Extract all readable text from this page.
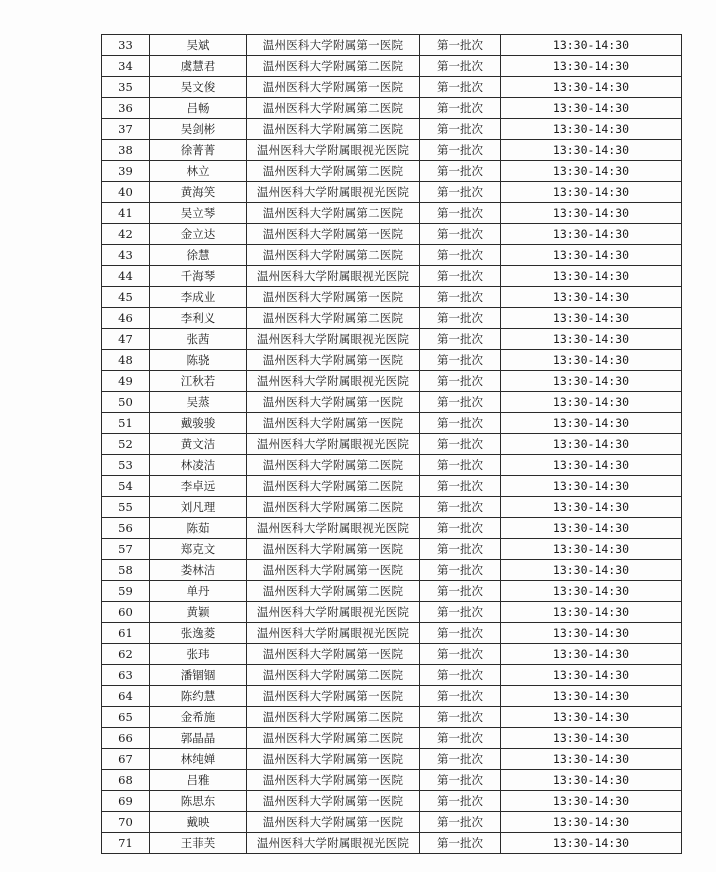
33	吴斌	温州医科大学附属第一医院	第一批次	13:30-14:30
34	虞慧君	温州医科大学附属第二医院	第一批次	13:30-14:30
35	吴文俊	温州医科大学附属第一医院	第一批次	13:30-14:30
36	吕畅	温州医科大学附属第二医院	第一批次	13:30-14:30
37	吴剑彬	温州医科大学附属第二医院	第一批次	13:30-14:30
38	徐菁菁	温州医科大学附属眼视光医院	第一批次	13:30-14:30
39	林立	温州医科大学附属第二医院	第一批次	13:30-14:30
40	黄海笑	温州医科大学附属眼视光医院	第一批次	13:30-14:30
41	吴立琴	温州医科大学附属第二医院	第一批次	13:30-14:30
42	金立达	温州医科大学附属第一医院	第一批次	13:30-14:30
43	徐慧	温州医科大学附属第二医院	第一批次	13:30-14:30
44	千海琴	温州医科大学附属眼视光医院	第一批次	13:30-14:30
45	李成业	温州医科大学附属第一医院	第一批次	13:30-14:30
46	李利义	温州医科大学附属第二医院	第一批次	13:30-14:30
47	张茜	温州医科大学附属眼视光医院	第一批次	13:30-14:30
48	陈骁	温州医科大学附属第一医院	第一批次	13:30-14:30
49	江秋若	温州医科大学附属眼视光医院	第一批次	13:30-14:30
50	吴蒸	温州医科大学附属第一医院	第一批次	13:30-14:30
51	戴骏骏	温州医科大学附属第一医院	第一批次	13:30-14:30
52	黄文洁	温州医科大学附属眼视光医院	第一批次	13:30-14:30
53	林凌洁	温州医科大学附属第二医院	第一批次	13:30-14:30
54	李卓远	温州医科大学附属第二医院	第一批次	13:30-14:30
55	刘凡理	温州医科大学附属第二医院	第一批次	13:30-14:30
56	陈茹	温州医科大学附属眼视光医院	第一批次	13:30-14:30
57	郑克文	温州医科大学附属第一医院	第一批次	13:30-14:30
58	娄林洁	温州医科大学附属第一医院	第一批次	13:30-14:30
59	单丹	温州医科大学附属第二医院	第一批次	13:30-14:30
60	黄颖	温州医科大学附属眼视光医院	第一批次	13:30-14:30
61	张逸菱	温州医科大学附属眼视光医院	第一批次	13:30-14:30
62	张玮	温州医科大学附属第一医院	第一批次	13:30-14:30
63	潘锢锢	温州医科大学附属第二医院	第一批次	13:30-14:30
64	陈约慧	温州医科大学附属第一医院	第一批次	13:30-14:30
65	金希施	温州医科大学附属第二医院	第一批次	13:30-14:30
66	郭晶晶	温州医科大学附属第二医院	第一批次	13:30-14:30
67	林纯婵	温州医科大学附属第一医院	第一批次	13:30-14:30
68	吕雅	温州医科大学附属第一医院	第一批次	13:30-14:30
69	陈思东	温州医科大学附属第一医院	第一批次	13:30-14:30
70	戴映	温州医科大学附属第一医院	第一批次	13:30-14:30
71	王菲芙	温州医科大学附属眼视光医院	第一批次	13:30-14:30
